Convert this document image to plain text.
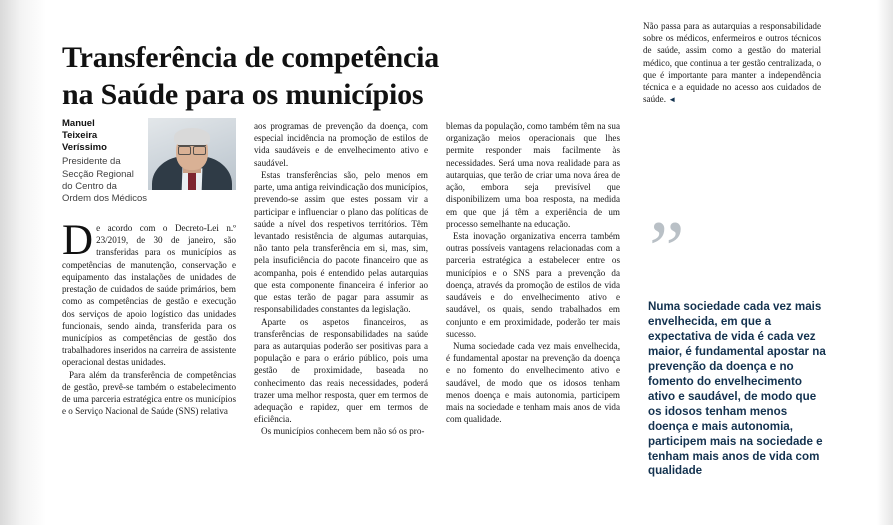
Transferência de competência
na Saúde para os municípios
Manuel
Teixeira
Veríssimo
Presidente da
Secção Regional
do Centro da
Ordem dos Médicos

De acordo com o Decreto-Lei n.º 23/2019, de 30 de janeiro, são transferidas para os municípios as competências de manutenção, conservação e equipamento das instalações de unidades de prestação de cuidados de saúde primários, bem como as competências de gestão e execução dos serviços de apoio logístico das unidades funcionais, sendo ainda, transferida para os municípios as competências de gestão dos trabalhadores inseridos na carreira de assistente operacional destas unidades.

Para além da transferência de competências de gestão, prevê-se também o estabelecimento de uma parceria estratégica entre os municípios e o Serviço Nacional de Saúde (SNS) relativa

aos programas de prevenção da doença, com especial incidência na promoção de estilos de vida saudáveis e de envelhecimento ativo e saudável.

Estas transferências são, pelo menos em parte, uma antiga reivindicação dos municípios, prevendo-se assim que estes possam vir a participar e influenciar o plano das políticas de saúde a nível dos respetivos territórios. Têm levantado resistência de algumas autarquias, não tanto pela transferência em si, mas, sim, pela insuficiência do pacote financeiro que as acompanha, pois é entendido pelas autarquias que esta componente financeira é inferior ao que estas terão de pagar para assumir as responsabilidades constantes da legislação.

Aparte os aspetos financeiros, as transferências de responsabilidades na saúde para as autarquias poderão ser positivas para a população e para o erário público, pois uma gestão de proximidade, baseada no conhecimento das reais necessidades, poderá trazer uma melhor resposta, quer em termos de adequação e rapidez, quer em termos de eficiência.

Os municípios conhecem bem não só os pro-

blemas da população, como também têm na sua organização meios operacionais que lhes permite responder mais facilmente às necessidades. Será uma nova realidade para as autarquias, que terão de criar uma nova área de ação, embora seja previsível que disponibilizem uma boa resposta, na medida em que que já têm a experiência de um processo semelhante na educação.

Esta inovação organizativa encerra também outras possíveis vantagens relacionadas com a parceria estratégica a estabelecer entre os municípios e o SNS para a prevenção da doença, através da promoção de estilos de vida saudáveis e do envelhecimento ativo e saudável, os quais, sendo trabalhados em conjunto e em proximidade, poderão ter mais sucesso.

Numa sociedade cada vez mais envelhecida, é fundamental apostar na prevenção da doença e no fomento do envelhecimento ativo e saudável, de modo que os idosos tenham menos doença e mais autonomia, participem mais na sociedade e tenham mais anos de vida com qualidade.

Não passa para as autarquias a responsabilidade sobre os médicos, enfermeiros e outros técnicos de saúde, assim como a gestão do material médico, que continua a ter gestão centralizada, o que é importante para manter a independência técnica e a equidade no acesso aos cuidados de saúde. ◄

”
Numa sociedade cada vez mais envelhecida, em que a expectativa de vida é cada vez maior, é fundamental apostar na prevenção da doença e no fomento do envelhecimento ativo e saudável, de modo que os idosos tenham menos doença e mais autonomia, participem mais na sociedade e tenham mais anos de vida com qualidade
